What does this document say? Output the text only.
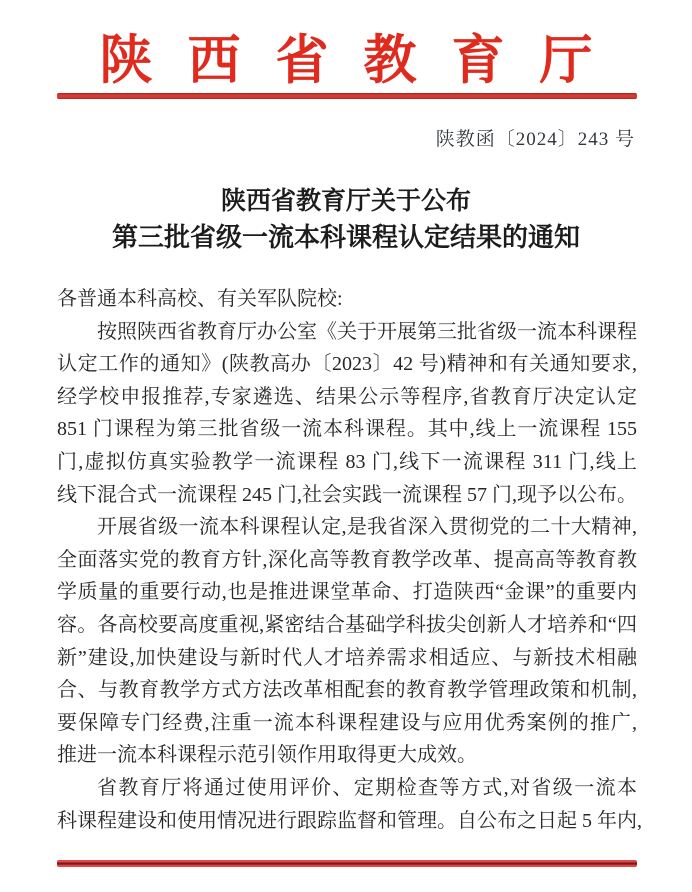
陕西省教育厅
陕教函〔2024〕243 号
陕西省教育厅关于公布
第三批省级一流本科课程认定结果的通知
各普通本科高校、有关军队院校:
按照陕西省教育厅办公室《关于开展第三批省级一流本科课程
认定工作的通知》(陕教高办〔2023〕42 号)精神和有关通知要求,
经学校申报推荐,专家遴选、结果公示等程序,省教育厅决定认定
851 门课程为第三批省级一流本科课程。其中,线上一流课程 155
门,虚拟仿真实验教学一流课程 83 门,线下一流课程 311 门,线上
线下混合式一流课程 245 门,社会实践一流课程 57 门,现予以公布。
开展省级一流本科课程认定,是我省深入贯彻党的二十大精神,
全面落实党的教育方针,深化高等教育教学改革、提高高等教育教
学质量的重要行动,也是推进课堂革命、打造陕西“金课”的重要内
容。各高校要高度重视,紧密结合基础学科拔尖创新人才培养和“四
新”建设,加快建设与新时代人才培养需求相适应、与新技术相融
合、与教育教学方式方法改革相配套的教育教学管理政策和机制,
要保障专门经费,注重一流本科课程建设与应用优秀案例的推广,
推进一流本科课程示范引领作用取得更大成效。
省教育厅将通过使用评价、定期检查等方式,对省级一流本
科课程建设和使用情况进行跟踪监督和管理。自公布之日起 5 年内,
